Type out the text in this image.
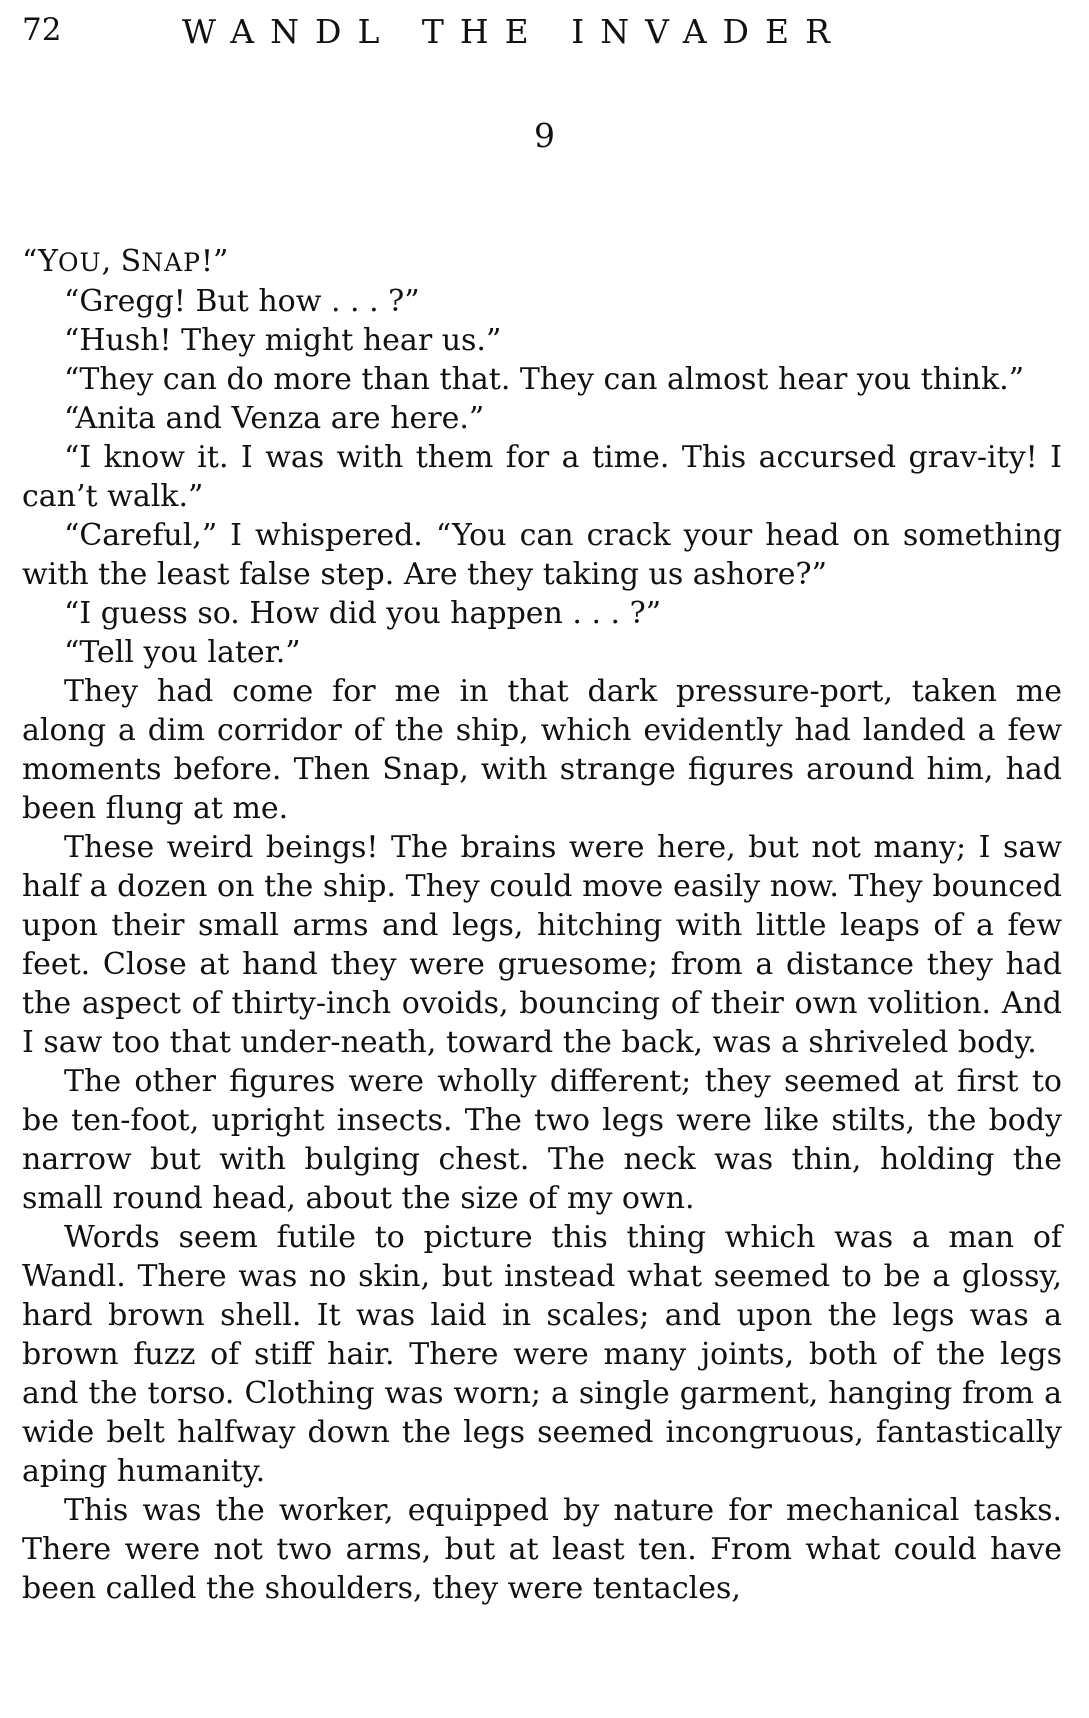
72	WANDL THE INVADER
9

“YOU, SNAP!”

“Gregg! But how . . . ?”

“Hush! They might hear us.”

“They can do more than that. They can almost hear you think.”

“Anita and Venza are here.”

“I know it. I was with them for a time. This accursed grav-ity! I can’t walk.”

“Careful,” I whispered. “You can crack your head on something with the least false step. Are they taking us ashore?”

“I guess so. How did you happen . . . ?”

“Tell you later.”

They had come for me in that dark pressure-port, taken me along a dim corridor of the ship, which evidently had landed a few moments before. Then Snap, with strange figures around him, had been flung at me.

These weird beings! The brains were here, but not many; I saw half a dozen on the ship. They could move easily now. They bounced upon their small arms and legs, hitching with little leaps of a few feet. Close at hand they were gruesome; from a distance they had the aspect of thirty-inch ovoids, bouncing of their own volition. And I saw too that under-neath, toward the back, was a shriveled body.

The other figures were wholly different; they seemed at first to be ten-foot, upright insects. The two legs were like stilts, the body narrow but with bulging chest. The neck was thin, holding the small round head, about the size of my own.

Words seem futile to picture this thing which was a man of Wandl. There was no skin, but instead what seemed to be a glossy, hard brown shell. It was laid in scales; and upon the legs was a brown fuzz of stiff hair. There were many joints, both of the legs and the torso. Clothing was worn; a single garment, hanging from a wide belt halfway down the legs seemed incongruous, fantastically aping humanity.

This was the worker, equipped by nature for mechanical tasks. There were not two arms, but at least ten. From what could have been called the shoulders, they were tentacles,
